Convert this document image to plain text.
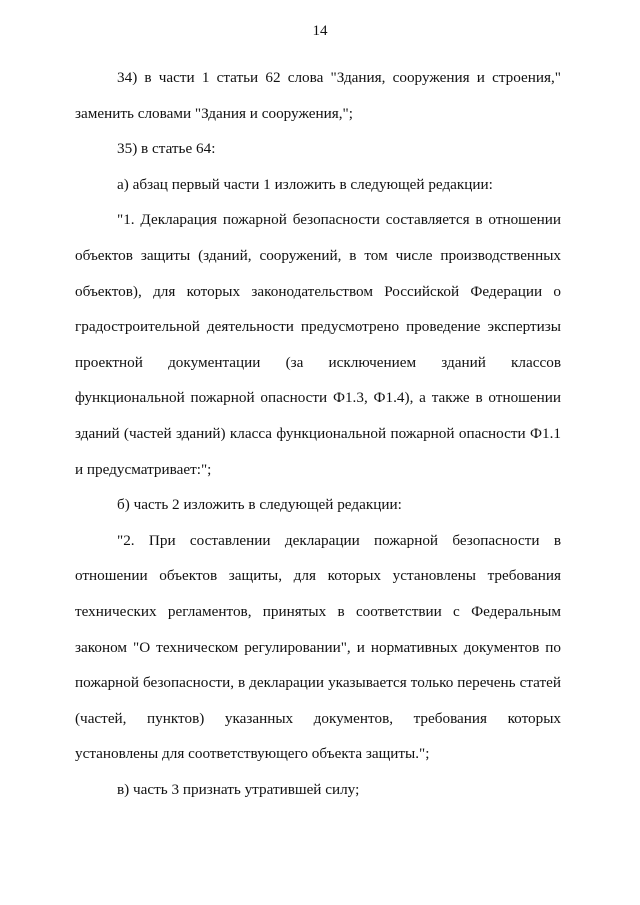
14

34) в части 1 статьи 62 слова "Здания, сооружения и строения," заменить словами "Здания и сооружения,";

35) в статье 64:

а) абзац первый части 1 изложить в следующей редакции:

"1. Декларация пожарной безопасности составляется в отношении объектов защиты (зданий, сооружений, в том числе производственных объектов), для которых законодательством Российской Федерации о градостроительной деятельности предусмотрено проведение экспертизы проектной документации (за исключением зданий классов функциональной пожарной опасности Ф1.3, Ф1.4), а также в отношении зданий (частей зданий) класса функциональной пожарной опасности Ф1.1 и предусматривает:";

б) часть 2 изложить в следующей редакции:

"2. При составлении декларации пожарной безопасности в отношении объектов защиты, для которых установлены требования технических регламентов, принятых в соответствии с Федеральным законом "О техническом регулировании", и нормативных документов по пожарной безопасности, в декларации указывается только перечень статей (частей, пунктов) указанных документов, требования которых установлены для соответствующего объекта защиты.";

в) часть 3 признать утратившей силу;
